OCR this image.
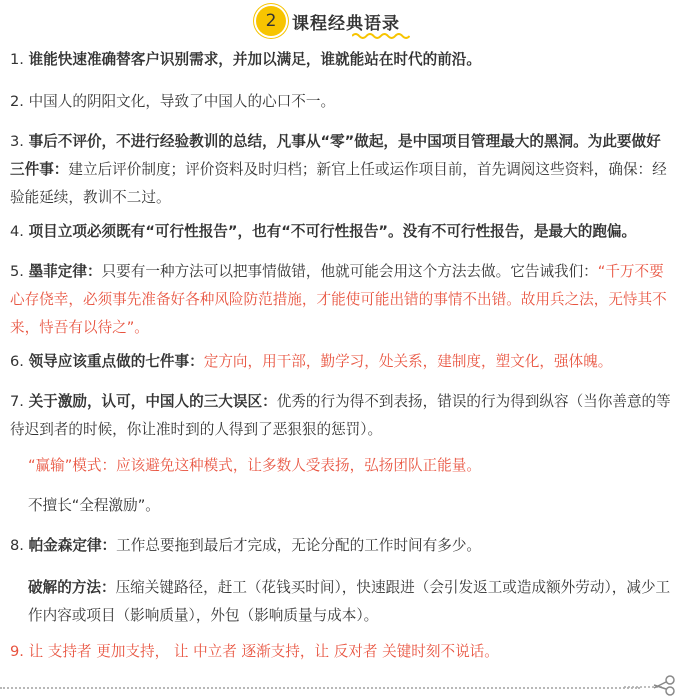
2 课程经典语录
1. 谁能快速准确替客户识别需求，并加以满足，谁就能站在时代的前沿。
2. 中国人的阴阳文化，导致了中国人的心口不一。
3. 事后不评价，不进行经验教训的总结，凡事从“零”做起，是中国项目管理最大的黑洞。为此要做好三件事：建立后评价制度；评价资料及时归档；新官上任或运作项目前，首先调阅这些资料，确保：经验能延续，教训不二过。
4. 项目立项必须既有“可行性报告”，也有“不可行性报告”。没有不可行性报告，是最大的跑偏。
5. 墨菲定律：只要有一种方法可以把事情做错，他就可能会用这个方法去做。它告诫我们：“千万不要心存侥幸，必须事先准备好各种风险防范措施，才能使可能出错的事情不出错。故用兵之法，无恃其不来，恃吾有以待之”。
6. 领导应该重点做的七件事：定方向，用干部，勤学习，处关系，建制度，塑文化，强体魄。
7. 关于激励，认可，中国人的三大误区：优秀的行为得不到表扬，错误的行为得到纵容（当你善意的等待迟到者的时候，你让准时到的人得到了恶狠狠的惩罚）。
“赢输”模式：应该避免这种模式，让多数人受表扬，弘扬团队正能量。
不擅长“全程激励”。
8. 帕金森定律：工作总要拖到最后才完成，无论分配的工作时间有多少。
破解的方法：压缩关键路径，赶工（花钱买时间），快速跟进（会引发返工或造成额外劳动），减少工作内容或项目（影响质量），外包（影响质量与成本）。
9. 让 支持者 更加支持， 让 中立者 逐渐支持，让 反对者 关键时刻不说话。
